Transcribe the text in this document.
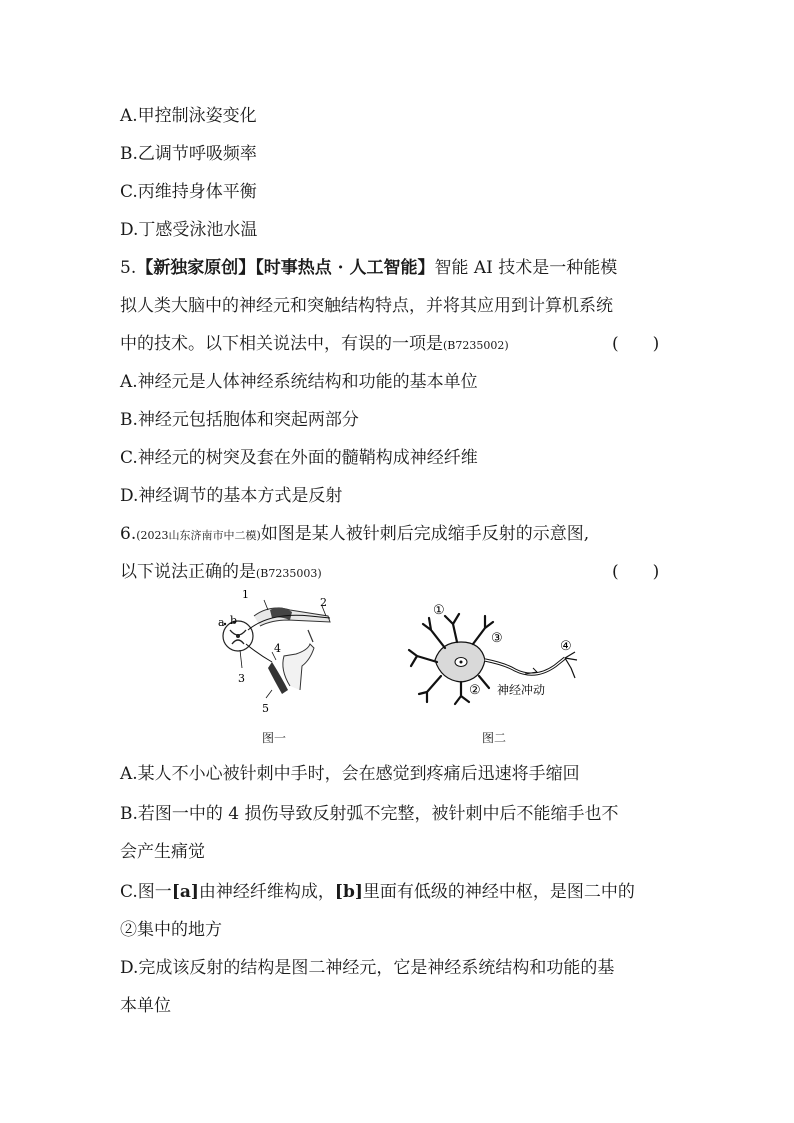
A.甲控制泳姿变化
B.乙调节呼吸频率
C.丙维持身体平衡
D.丁感受泳池水温
5.【新独家原创】【时事热点 · 人工智能】智能 AI 技术是一种能模
拟人类大脑中的神经元和突触结构特点，并将其应用到计算机系统
中的技术。以下相关说法中，有误的一项是(B7235002)	(　　)
A.神经元是人体神经系统结构和功能的基本单位
B.神经元包括胞体和突起两部分
C.神经元的树突及套在外面的髓鞘构成神经纤维
D.神经调节的基本方式是反射
6.(2023山东济南市中二模)如图是某人被针刺后完成缩手反射的示意图,
以下说法正确的是(B7235003)	(　　)
1
2
3
4
5
a b
图一
①
②
③
④
神经冲动
图二
A.某人不小心被针刺中手时，会在感觉到疼痛后迅速将手缩回
B.若图一中的 4 损伤导致反射弧不完整，被针刺中后不能缩手也不
会产生痛觉
C.图一[a]由神经纤维构成，[b]里面有低级的神经中枢，是图二中的
②集中的地方
D.完成该反射的结构是图二神经元，它是神经系统结构和功能的基
本单位
